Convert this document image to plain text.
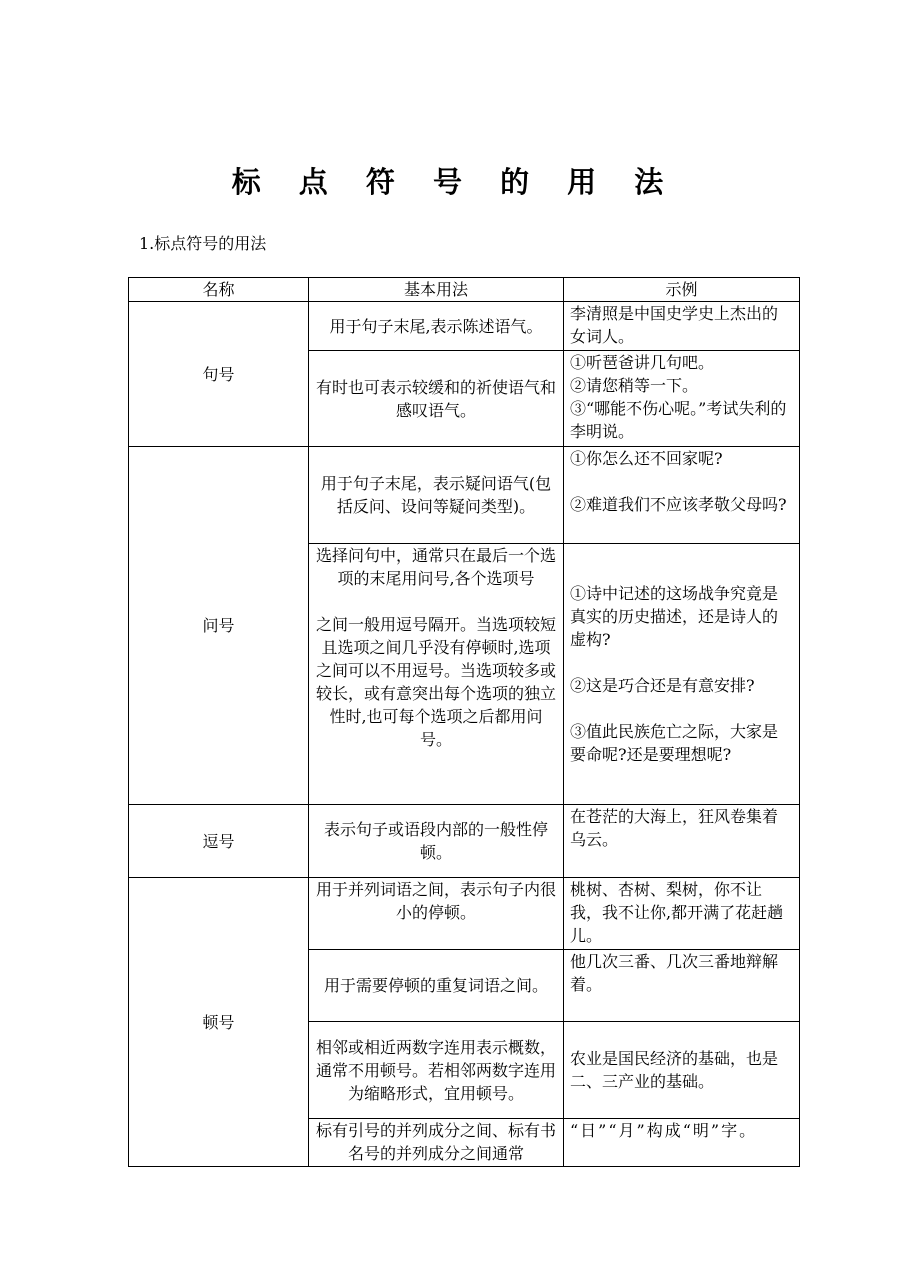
标 点 符 号 的 用 法
1.标点符号的用法
名称	基本用法	示例
句号	用于句子末尾,表示陈述语气。	李清照是中国史学史上杰出的女词人。
	有时也可表示较缓和的祈使语气和感叹语气。	①听琶爸讲几句吧。
②请您稍等一下。
③“哪能不伤心呢。”考试失利的李明说。

问号	用于句子末尾，表示疑问语气(包括反问、设问等疑问类型)。	①你怎么还不回家呢?
②难道我们不应该孝敬父母吗?

	选择问句中，通常只在最后一个选项的末尾用问号,各个选项号
之间一般用逗号隔开。当选项较短且选项之间几乎没有停顿时,选项之间可以不用逗号。当选项较多或较长，或有意突出每个选项的独立性时,也可每个选项之后都用问号。	①诗中记述的这场战争究竟是真实的历史描述，还是诗人的虚构?
②这是巧合还是有意安排?
③值此民族危亡之际，大家是要命呢?还是要理想呢?

逗号	表示句子或语段内部的一般性停顿。	在苍茫的大海上，狂风卷集着乌云。
顿号	用于并列词语之间，表示句子内很小的停顿。	桃树、杏树、梨树，你不让我，我不让你,都开满了花赶趟儿。
	用于需要停顿的重复词语之间。	他几次三番、几次三番地辩解着。
	相邻或相近两数字连用表示概数，通常不用顿号。若相邻两数字连用为缩略形式，宜用顿号。	农业是国民经济的基础，也是二、三产业的基础。
	标有引号的并列成分之间、标有书名号的并列成分之间通常	“日”“月”构成“明”字。
